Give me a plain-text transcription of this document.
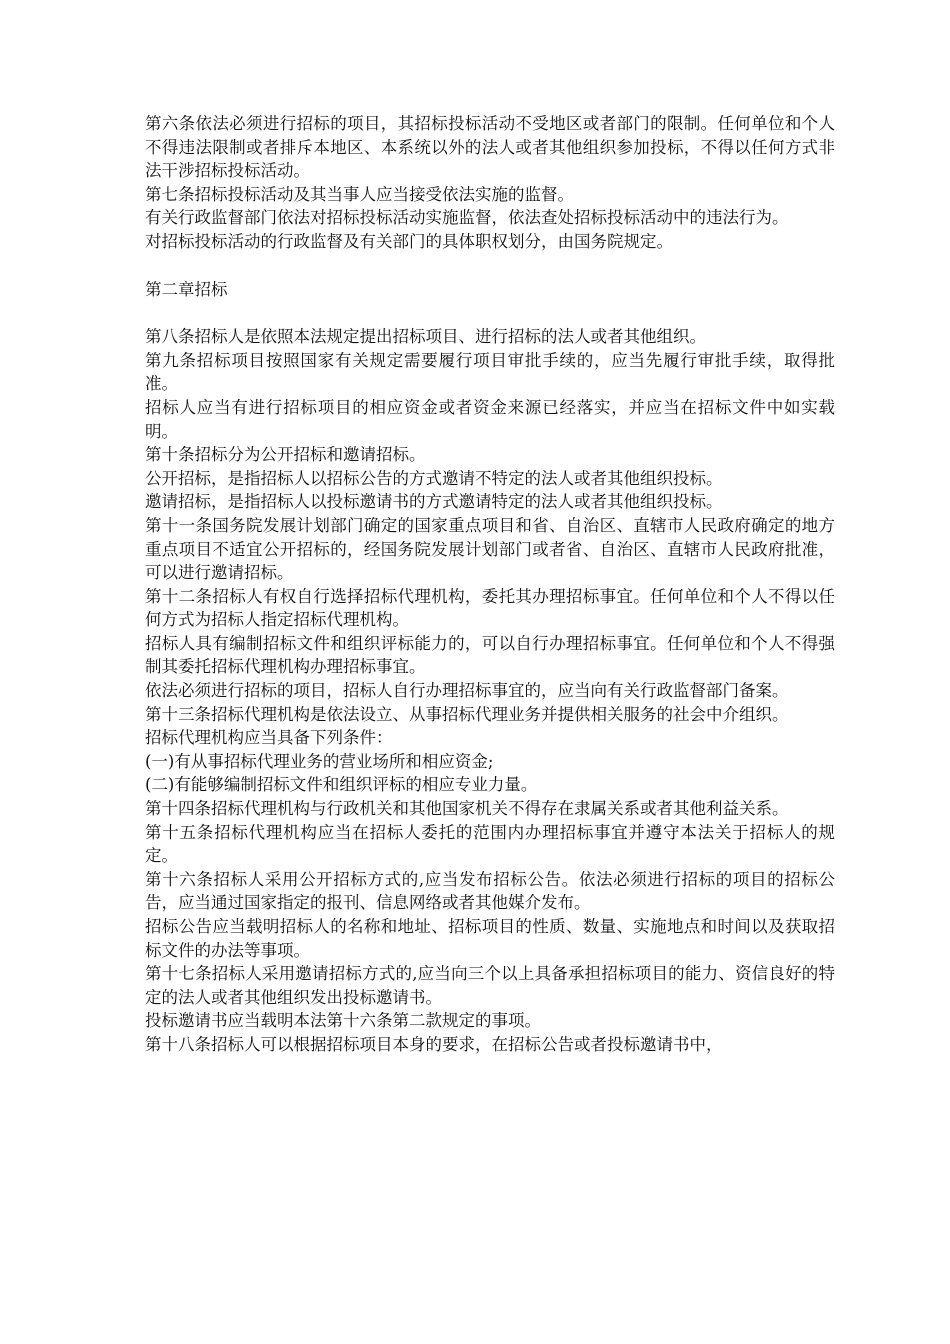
第六条依法必须进行招标的项目，其招标投标活动不受地区或者部门的限制。任何单位和个人不得违法限制或者排斥本地区、本系统以外的法人或者其他组织参加投标，不得以任何方式非法干涉招标投标活动。

第七条招标投标活动及其当事人应当接受依法实施的监督。

有关行政监督部门依法对招标投标活动实施监督，依法查处招标投标活动中的违法行为。

对招标投标活动的行政监督及有关部门的具体职权划分，由国务院规定。

第二章招标

第八条招标人是依照本法规定提出招标项目、进行招标的法人或者其他组织。

第九条招标项目按照国家有关规定需要履行项目审批手续的，应当先履行审批手续，取得批准。

招标人应当有进行招标项目的相应资金或者资金来源已经落实，并应当在招标文件中如实载明。

第十条招标分为公开招标和邀请招标。

公开招标，是指招标人以招标公告的方式邀请不特定的法人或者其他组织投标。

邀请招标，是指招标人以投标邀请书的方式邀请特定的法人或者其他组织投标。

第十一条国务院发展计划部门确定的国家重点项目和省、自治区、直辖市人民政府确定的地方重点项目不适宜公开招标的，经国务院发展计划部门或者省、自治区、直辖市人民政府批准，可以进行邀请招标。

第十二条招标人有权自行选择招标代理机构，委托其办理招标事宜。任何单位和个人不得以任何方式为招标人指定招标代理机构。

招标人具有编制招标文件和组织评标能力的，可以自行办理招标事宜。任何单位和个人不得强制其委托招标代理机构办理招标事宜。

依法必须进行招标的项目，招标人自行办理招标事宜的，应当向有关行政监督部门备案。

第十三条招标代理机构是依法设立、从事招标代理业务并提供相关服务的社会中介组织。

招标代理机构应当具备下列条件：

(一)有从事招标代理业务的营业场所和相应资金;

(二)有能够编制招标文件和组织评标的相应专业力量。

第十四条招标代理机构与行政机关和其他国家机关不得存在隶属关系或者其他利益关系。

第十五条招标代理机构应当在招标人委托的范围内办理招标事宜并遵守本法关于招标人的规定。

第十六条招标人采用公开招标方式的,应当发布招标公告。依法必须进行招标的项目的招标公告，应当通过国家指定的报刊、信息网络或者其他媒介发布。

招标公告应当载明招标人的名称和地址、招标项目的性质、数量、实施地点和时间以及获取招标文件的办法等事项。

第十七条招标人采用邀请招标方式的,应当向三个以上具备承担招标项目的能力、资信良好的特定的法人或者其他组织发出投标邀请书。

投标邀请书应当载明本法第十六条第二款规定的事项。

第十八条招标人可以根据招标项目本身的要求，在招标公告或者投标邀请书中，
